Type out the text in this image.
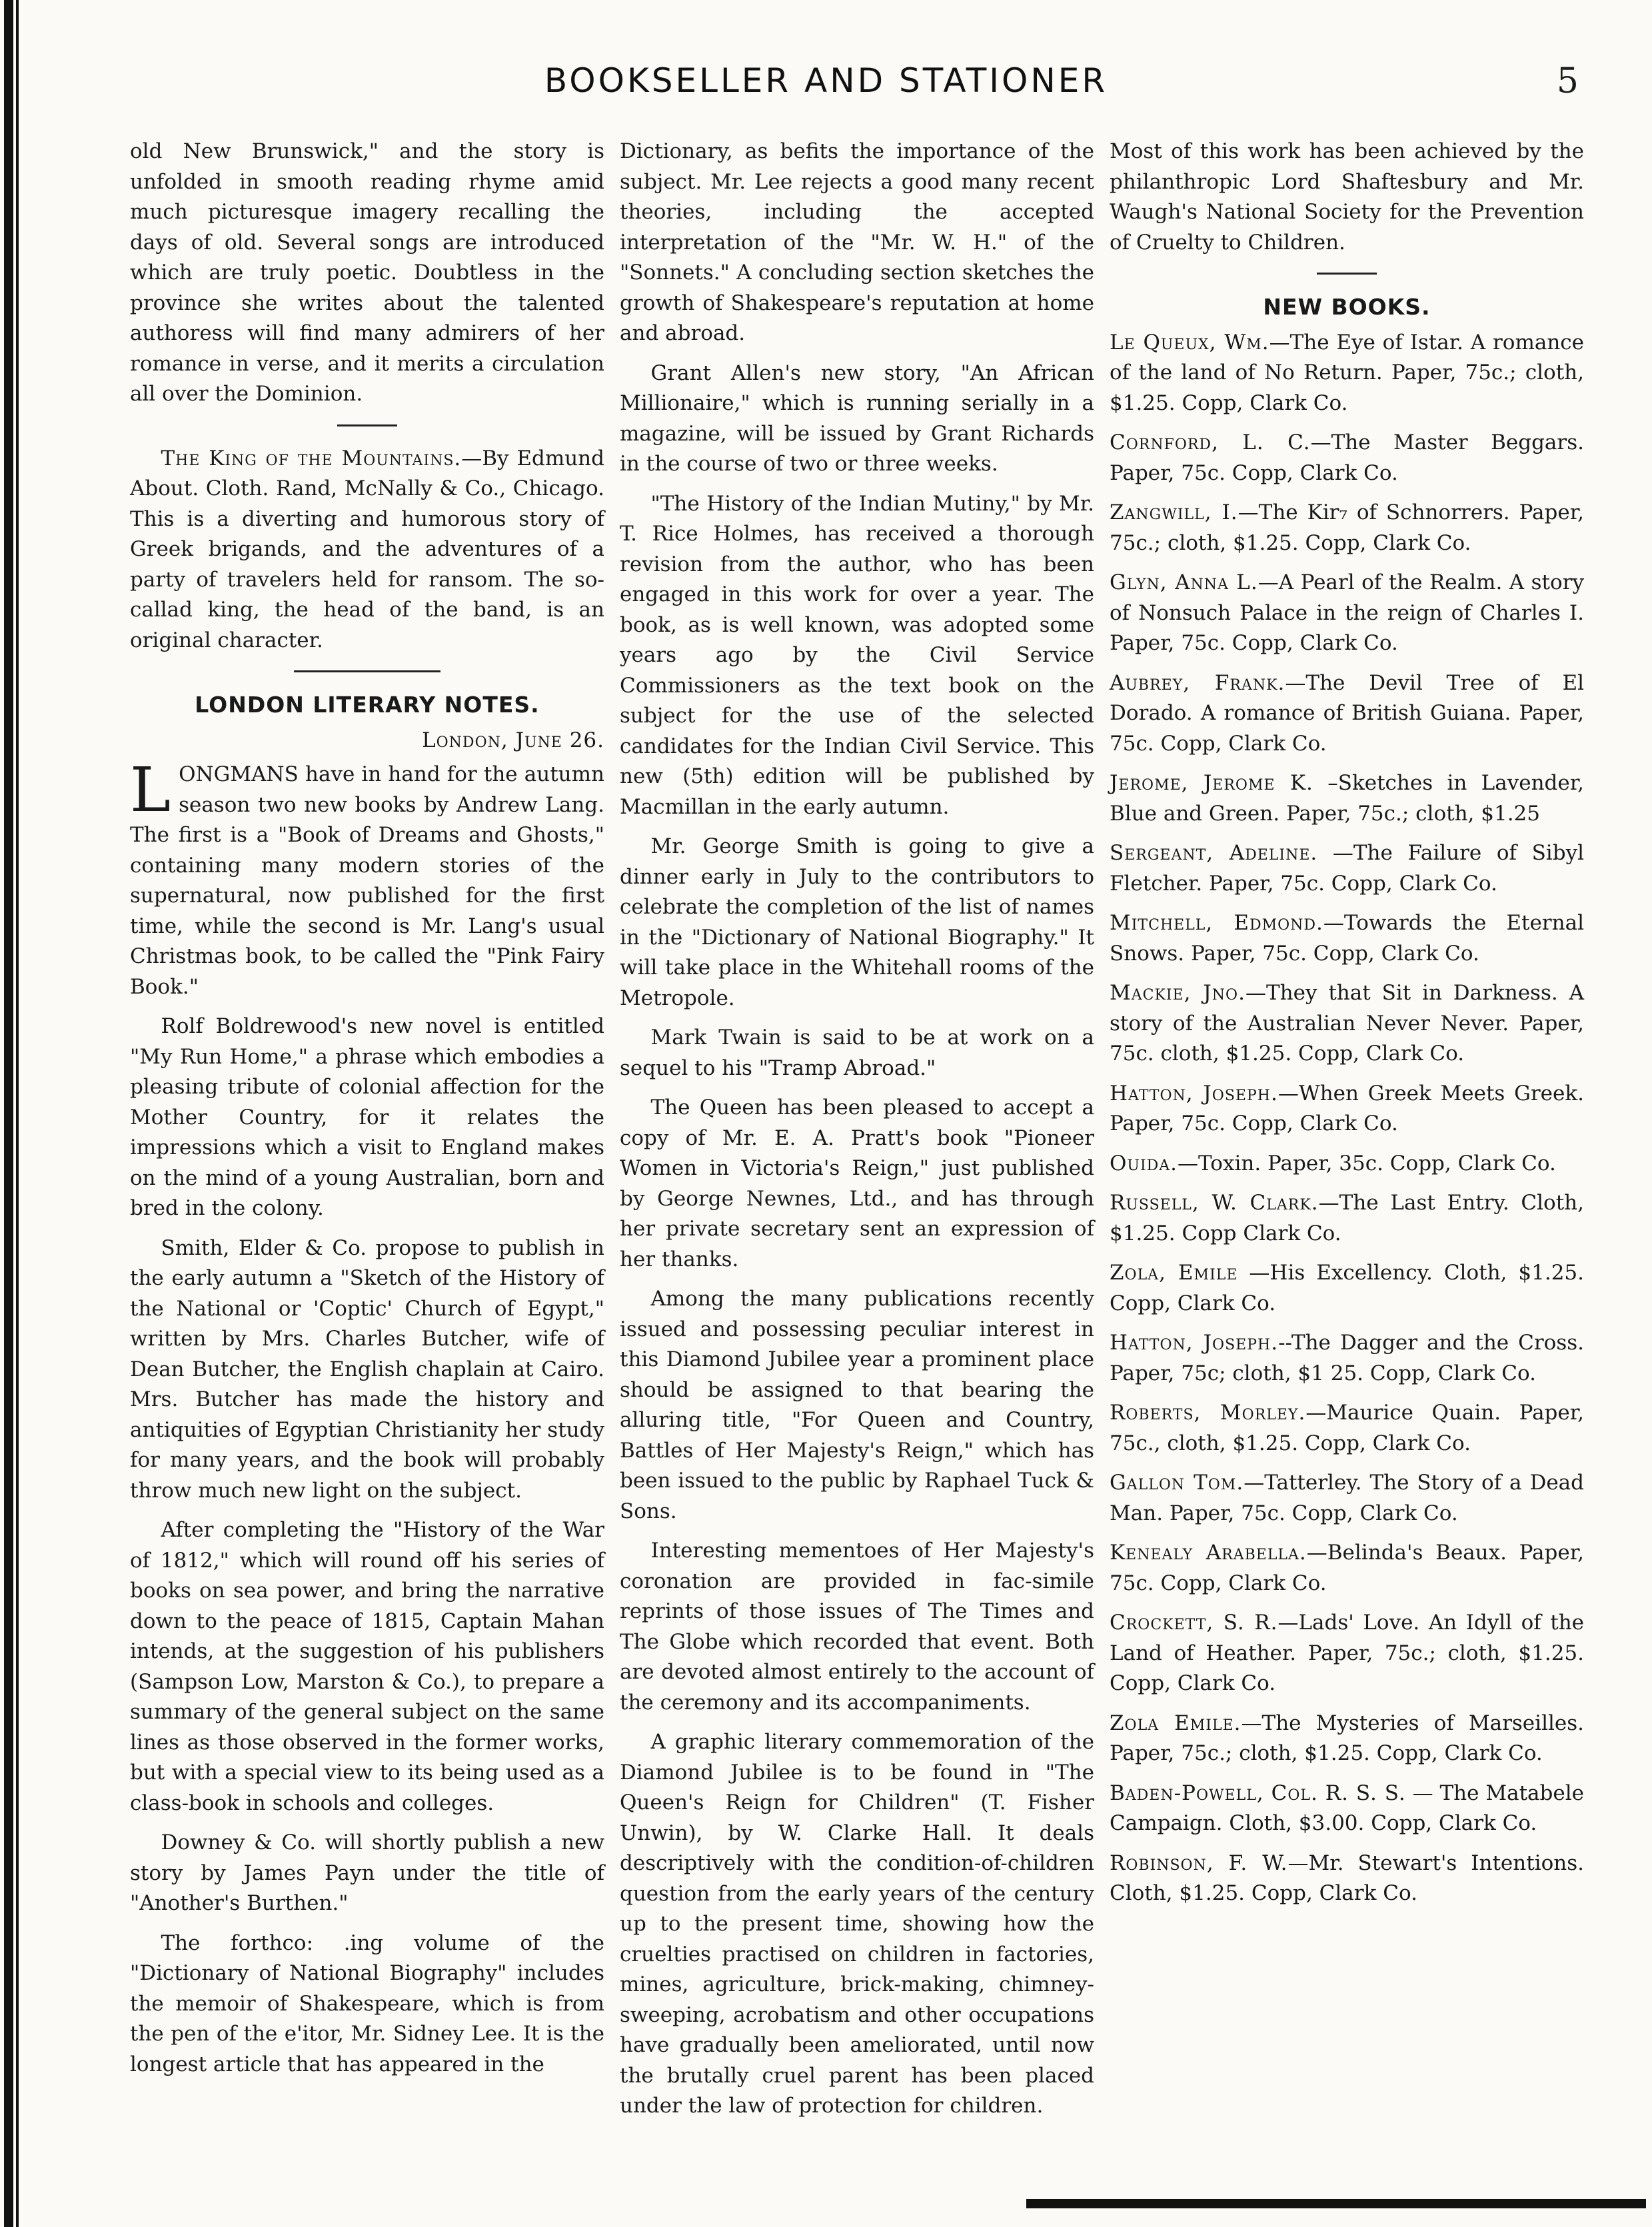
BOOKSELLER AND STATIONER	5

old New Brunswick," and the story is unfolded in smooth reading rhyme amid much picturesque imagery recalling the days of old. Several songs are introduced which are truly poetic. Doubtless in the province she writes about the talented authoress will find many admirers of her romance in verse, and it merits a circulation all over the Dominion.

The King of the Mountains.—By Edmund About. Cloth. Rand, McNally & Co., Chicago. This is a diverting and humorous story of Greek brigands, and the adventures of a party of travelers held for ransom. The so-callad king, the head of the band, is an original character.

LONDON LITERARY NOTES.
London, June 26.

LONGMANS have in hand for the autumn season two new books by Andrew Lang. The first is a "Book of Dreams and Ghosts," containing many modern stories of the supernatural, now published for the first time, while the second is Mr. Lang's usual Christmas book, to be called the "Pink Fairy Book."

Rolf Boldrewood's new novel is entitled "My Run Home," a phrase which embodies a pleasing tribute of colonial affection for the Mother Country, for it relates the impressions which a visit to England makes on the mind of a young Australian, born and bred in the colony.

Smith, Elder & Co. propose to publish in the early autumn a "Sketch of the History of the National or 'Coptic' Church of Egypt," written by Mrs. Charles Butcher, wife of Dean Butcher, the English chaplain at Cairo. Mrs. Butcher has made the history and antiquities of Egyptian Christianity her study for many years, and the book will probably throw much new light on the subject.

After completing the "History of the War of 1812," which will round off his series of books on sea power, and bring the narrative down to the peace of 1815, Captain Mahan intends, at the suggestion of his publishers (Sampson Low, Marston & Co.), to prepare a summary of the general subject on the same lines as those observed in the former works, but with a special view to its being used as a class-book in schools and colleges.

Downey & Co. will shortly publish a new story by James Payn under the title of "Another's Burthen."

The forthco: .ing volume of the "Dictionary of National Biography" includes the memoir of Shakespeare, which is from the pen of the e'itor, Mr. Sidney Lee. It is the longest article that has appeared in the

Dictionary, as befits the importance of the subject. Mr. Lee rejects a good many recent theories, including the accepted interpretation of the "Mr. W. H." of the "Sonnets." A concluding section sketches the growth of Shakespeare's reputation at home and abroad.

Grant Allen's new story, "An African Millionaire," which is running serially in a magazine, will be issued by Grant Richards in the course of two or three weeks.

"The History of the Indian Mutiny," by Mr. T. Rice Holmes, has received a thorough revision from the author, who has been engaged in this work for over a year. The book, as is well known, was adopted some years ago by the Civil Service Commissioners as the text book on the subject for the use of the selected candidates for the Indian Civil Service. This new (5th) edition will be published by Macmillan in the early autumn.

Mr. George Smith is going to give a dinner early in July to the contributors to celebrate the completion of the list of names in the "Dictionary of National Biography." It will take place in the Whitehall rooms of the Metropole.

Mark Twain is said to be at work on a sequel to his "Tramp Abroad."

The Queen has been pleased to accept a copy of Mr. E. A. Pratt's book "Pioneer Women in Victoria's Reign," just published by George Newnes, Ltd., and has through her private secretary sent an expression of her thanks.

Among the many publications recently issued and possessing peculiar interest in this Diamond Jubilee year a prominent place should be assigned to that bearing the alluring title, "For Queen and Country, Battles of Her Majesty's Reign," which has been issued to the public by Raphael Tuck & Sons.

Interesting mementoes of Her Majesty's coronation are provided in fac-simile reprints of those issues of The Times and The Globe which recorded that event. Both are devoted almost entirely to the account of the ceremony and its accompaniments.

A graphic literary commemoration of the Diamond Jubilee is to be found in "The Queen's Reign for Children" (T. Fisher Unwin), by W. Clarke Hall. It deals descriptively with the condition-of-children question from the early years of the century up to the present time, showing how the cruelties practised on children in factories, mines, agriculture, brick-making, chimney-sweeping, acrobatism and other occupations have gradually been ameliorated, until now the brutally cruel parent has been placed under the law of protection for children.

Most of this work has been achieved by the philanthropic Lord Shaftesbury and Mr. Waugh's National Society for the Prevention of Cruelty to Children.

NEW BOOKS.

Le Queux, Wm.—The Eye of Istar. A romance of the land of No Return. Paper, 75c.; cloth, $1.25. Copp, Clark Co.

Cornford, L. C.—The Master Beggars. Paper, 75c. Copp, Clark Co.

Zangwill, I.—The Kir₇ of Schnorrers. Paper, 75c.; cloth, $1.25. Copp, Clark Co.

Glyn, Anna L.—A Pearl of the Realm. A story of Nonsuch Palace in the reign of Charles I. Paper, 75c. Copp, Clark Co.

Aubrey, Frank.—The Devil Tree of El Dorado. A romance of British Guiana. Paper, 75c. Copp, Clark Co.

Jerome, Jerome K. –Sketches in Lavender, Blue and Green. Paper, 75c.; cloth, $1.25

Sergeant, Adeline. —The Failure of Sibyl Fletcher. Paper, 75c. Copp, Clark Co.

Mitchell, Edmond.—Towards the Eternal Snows. Paper, 75c. Copp, Clark Co.

Mackie, Jno.—They that Sit in Darkness. A story of the Australian Never Never. Paper, 75c. cloth, $1.25. Copp, Clark Co.

Hatton, Joseph.—When Greek Meets Greek. Paper, 75c. Copp, Clark Co.

Ouida.—Toxin. Paper, 35c. Copp, Clark Co.

Russell, W. Clark.—The Last Entry. Cloth, $1.25. Copp Clark Co.

Zola, Emile —His Excellency. Cloth, $1.25. Copp, Clark Co.

Hatton, Joseph.--The Dagger and the Cross. Paper, 75c; cloth, $1 25. Copp, Clark Co.

Roberts, Morley.—Maurice Quain. Paper, 75c., cloth, $1.25. Copp, Clark Co.

Gallon Tom.—Tatterley. The Story of a Dead Man. Paper, 75c. Copp, Clark Co.

Kenealy Arabella.—Belinda's Beaux. Paper, 75c. Copp, Clark Co.

Crockett, S. R.—Lads' Love. An Idyll of the Land of Heather. Paper, 75c.; cloth, $1.25. Copp, Clark Co.

Zola Emile.—The Mysteries of Marseilles. Paper, 75c.; cloth, $1.25. Copp, Clark Co.

Baden-Powell, Col. R. S. S. — The Matabele Campaign. Cloth, $3.00. Copp, Clark Co.

Robinson, F. W.—Mr. Stewart's Intentions. Cloth, $1.25. Copp, Clark Co.
